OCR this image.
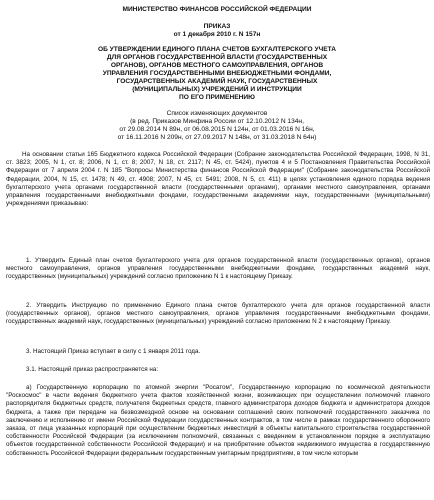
МИНИСТЕРСТВО ФИНАНСОВ РОССИЙСКОЙ ФЕДЕРАЦИИ
ПРИКАЗ
от 1 декабря 2010 г. N 157н
ОБ УТВЕРЖДЕНИИ ЕДИНОГО ПЛАНА СЧЕТОВ БУХГАЛТЕРСКОГО УЧЕТА
ДЛЯ ОРГАНОВ ГОСУДАРСТВЕННОЙ ВЛАСТИ (ГОСУДАРСТВЕННЫХ
ОРГАНОВ), ОРГАНОВ МЕСТНОГО САМОУПРАВЛЕНИЯ, ОРГАНОВ
УПРАВЛЕНИЯ ГОСУДАРСТВЕННЫМИ ВНЕБЮДЖЕТНЫМИ ФОНДАМИ,
ГОСУДАРСТВЕННЫХ АКАДЕМИЙ НАУК, ГОСУДАРСТВЕННЫХ
(МУНИЦИПАЛЬНЫХ) УЧРЕЖДЕНИЙ И ИНСТРУКЦИИ
ПО ЕГО ПРИМЕНЕНИЮ
Список изменяющих документов
(в ред. Приказов Минфина России от 12.10.2012 N 134н,
от 29.08.2014 N 89н, от 06.08.2015 N 124н, от 01.03.2016 N 16н,
от 16.11.2016 N 209н, от 27.09.2017 N 148н, от 31.03.2018 N 64н)
На основании статьи 165 Бюджетного кодекса Российской Федерации (Собрание законодательства Российской Федерации, 1998, N 31, ст. 3823; 2005, N 1, ст. 8; 2006, N 1, ст. 8; 2007, N 18, ст. 2117; N 45, ст. 5424), пунктов 4 и 5 Постановления Правительства Российской Федерации от 7 апреля 2004 г. N 185 "Вопросы Министерства финансов Российской Федерации" (Собрание законодательства Российской Федерации, 2004, N 15, ст. 1478; N 49, ст. 4908; 2007, N 45, ст. 5491; 2008, N 5, ст. 411) в целях установления единого порядка ведения бухгалтерского учета органами государственной власти (государственными органами), органами местного самоуправления, органами управления государственными внебюджетными фондами, государственными академиями наук, государственными (муниципальными) учреждениями приказываю:
1. Утвердить Единый план счетов бухгалтерского учета для органов государственной власти (государственных органов), органов местного самоуправления, органов управления государственными внебюджетными фондами, государственных академий наук, государственных (муниципальных) учреждений согласно приложению N 1 к настоящему Приказу.
2. Утвердить Инструкцию по применению Единого плана счетов бухгалтерского учета для органов государственной власти (государственных органов), органов местного самоуправления, органов управления государственными внебюджетными фондами, государственных академий наук, государственных (муниципальных) учреждений согласно приложению N 2 к настоящему Приказу.
3. Настоящий Приказ вступает в силу с 1 января 2011 года.
3.1. Настоящий приказ распространяется на:
а) Государственную корпорацию по атомной энергии "Росатом", Государственную корпорацию по космической деятельности "Роскосмос" в части ведения бюджетного учета фактов хозяйственной жизни, возникающих при осуществлении полномочий главного распорядителя бюджетных средств, получателя бюджетных средств, главного администратора доходов бюджета и администратора доходов бюджета, а также при передаче на безвозмездной основе на основании соглашений своих полномочий государственного заказчика по заключению и исполнению от имени Российской Федерации государственных контрактов, в том числе в рамках государственного оборонного заказа, от лица указанных корпораций при осуществлении бюджетных инвестиций в объекты капитального строительства государственной собственности Российской Федерации (за исключением полномочий, связанных с введением в установленном порядке в эксплуатацию объектов государственной собственности Российской Федерации) и на приобретение объектов недвижимого имущества в государственную собственность Российской Федерации федеральным государственным унитарным предприятиям, в том числе которым
